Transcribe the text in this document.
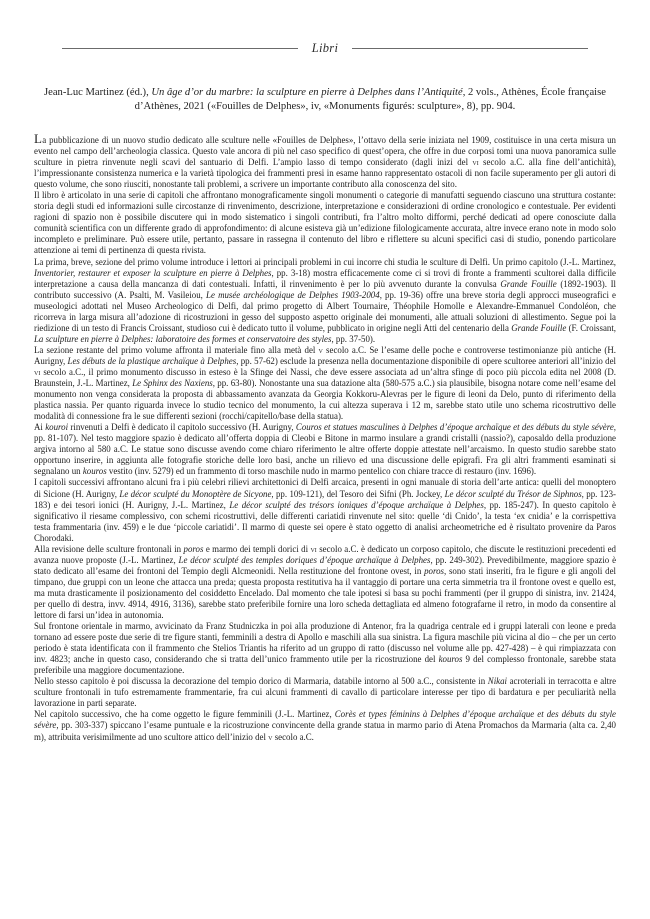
Libri
Jean-Luc Martinez (éd.), Un âge d’or du marbre: la sculpture en pierre à Delphes dans l’Antiquité, 2 vols., Athènes, École française d’Athènes, 2021 («Fouilles de Delphes», iv, «Monuments figurés: sculpture», 8), pp. 904.

La pubblicazione di un nuovo studio dedicato alle sculture nelle «Fouilles de Delphes», l’ottavo della serie iniziata nel 1909, costituisce in una certa misura un evento nel campo dell’archeologia classica. Questo vale ancora di più nel caso specifico di quest’opera, che offre in due corposi tomi una nuova panoramica sulle sculture in pietra rinvenute negli scavi del santuario di Delfi. L’ampio lasso di tempo considerato (dagli inizi del vi secolo a.C. alla fine dell’antichità), l’impressionante consistenza numerica e la varietà tipologica dei frammenti presi in esame hanno rappresentato ostacoli di non facile superamento per gli autori di questo volume, che sono riusciti, nonostante tali problemi, a scrivere un importante contributo alla conoscenza del sito.

Il libro è articolato in una serie di capitoli che affrontano monograficamente singoli monumenti o categorie di manufatti seguendo ciascuno una struttura costante: storia degli studi ed informazioni sulle circostanze di rinvenimento, descrizione, interpretazione e considerazioni di ordine cronologico e contestuale. Per evidenti ragioni di spazio non è possibile discutere qui in modo sistematico i singoli contributi, fra l’altro molto difformi, perché dedicati ad opere conosciute dalla comunità scientifica con un differente grado di approfondimento: di alcune esisteva già un’edizione filologicamente accurata, altre invece erano note in modo solo incompleto e preliminare. Può essere utile, pertanto, passare in rassegna il contenuto del libro e riflettere su alcuni specifici casi di studio, ponendo particolare attenzione ai temi di pertinenza di questa rivista.

La prima, breve, sezione del primo volume introduce i lettori ai principali problemi in cui incorre chi studia le sculture di Delfi. Un primo capitolo (J.-L. Martinez, Inventorier, restaurer et exposer la sculpture en pierre à Delphes, pp. 3-18) mostra efficacemente come ci si trovi di fronte a frammenti scultorei dalla difficile interpretazione a causa della mancanza di dati contestuali. Infatti, il rinvenimento è per lo più avvenuto durante la convulsa Grande Fouille (1892-1903). Il contributo successivo (A. Psalti, M. Vasileiou, Le musée archéologique de Delphes 1903-2004, pp. 19-36) offre una breve storia degli approcci museografici e museologici adottati nel Museo Archeologico di Delfi, dal primo progetto di Albert Tournaire, Théophile Homolle e Alexandre-Emmanuel Condoléon, che ricorreva in larga misura all’adozione di ricostruzioni in gesso del supposto aspetto originale dei monumenti, alle attuali soluzioni di allestimento. Segue poi la riedizione di un testo di Francis Croissant, studioso cui è dedicato tutto il volume, pubblicato in origine negli Atti del centenario della Grande Fouille (F. Croissant, La sculpture en pierre à Delphes: laboratoire des formes et conservatoire des styles, pp. 37-50).

La sezione restante del primo volume affronta il materiale fino alla metà del v secolo a.C. Se l’esame delle poche e controverse testimonianze più antiche (H. Aurigny, Les débuts de la plastique archaïque à Delphes, pp. 57-62) esclude la presenza nella documentazione disponibile di opere scultoree anteriori all’inizio del vi secolo a.C., il primo monumento discusso in esteso è la Sfinge dei Nassi, che deve essere associata ad un’altra sfinge di poco più piccola edita nel 2008 (D. Braunstein, J.-L. Martinez, Le Sphinx des Naxiens, pp. 63-80). Nonostante una sua datazione alta (580-575 a.C.) sia plausibile, bisogna notare come nell’esame del monumento non venga considerata la proposta di abbassamento avanzata da Georgia Kokkoru-Alevras per le figure di leoni da Delo, punto di riferimento della plastica nassia. Per quanto riguarda invece lo studio tecnico del monumento, la cui altezza superava i 12 m, sarebbe stato utile uno schema ricostruttivo delle modalità di connessione fra le sue differenti sezioni (rocchi/capitello/base della statua).

Ai kouroi rinvenuti a Delfi è dedicato il capitolo successivo (H. Aurigny, Couros et statues masculines à Delphes d’époque archaïque et des débuts du style sévère, pp. 81-107). Nel testo maggiore spazio è dedicato all’offerta doppia di Cleobi e Bitone in marmo insulare a grandi cristalli (nassio?), caposaldo della produzione argiva intorno al 580 a.C. Le statue sono discusse avendo come chiaro riferimento le altre offerte doppie attestate nell’arcaismo. In questo studio sarebbe stato opportuno inserire, in aggiunta alle fotografie storiche delle loro basi, anche un rilievo ed una discussione delle epigrafi. Fra gli altri frammenti esaminati si segnalano un kouros vestito (inv. 5279) ed un frammento di torso maschile nudo in marmo pentelico con chiare tracce di restauro (inv. 1696).

I capitoli successivi affrontano alcuni fra i più celebri rilievi architettonici di Delfi arcaica, presenti in ogni manuale di storia dell’arte antica: quelli del monoptero di Sicione (H. Aurigny, Le décor sculpté du Monoptère de Sicyone, pp. 109-121), del Tesoro dei Sifni (Ph. Jockey, Le décor sculpté du Trésor de Siphnos, pp. 123-183) e dei tesori ionici (H. Aurigny, J.-L. Martinez, Le décor sculpté des trésors ioniques d’époque archaïque à Delphes, pp. 185-247). In questo capitolo è significativo il riesame complessivo, con schemi ricostruttivi, delle differenti cariatidi rinvenute nel sito: quelle ‘di Cnido’, la testa ‘ex cnidia’ e la corrispettiva testa frammentaria (inv. 459) e le due ‘piccole cariatidi’. Il marmo di queste sei opere è stato oggetto di analisi archeometriche ed è risultato provenire da Paros Chorodaki.

Alla revisione delle sculture frontonali in poros e marmo dei templi dorici di vi secolo a.C. è dedicato un corposo capitolo, che discute le restituzioni precedenti ed avanza nuove proposte (J.-L. Martinez, Le décor sculpté des temples doriques d’époque archaïque à Delphes, pp. 249-302). Prevedibilmente, maggiore spazio è stato dedicato all’esame dei frontoni del Tempio degli Alcmeonidi. Nella restituzione del frontone ovest, in poros, sono stati inseriti, fra le figure e gli angoli del timpano, due gruppi con un leone che attacca una preda; questa proposta restitutiva ha il vantaggio di portare una certa simmetria tra il frontone ovest e quello est, ma muta drasticamente il posizionamento del cosiddetto Encelado. Dal momento che tale ipotesi si basa su pochi frammenti (per il gruppo di sinistra, inv. 21424, per quello di destra, invv. 4914, 4916, 3136), sarebbe stato preferibile fornire una loro scheda dettagliata ed almeno fotografarne il retro, in modo da consentire al lettore di farsi un’idea in autonomia.

Sul frontone orientale in marmo, avvicinato da Franz Studniczka in poi alla produzione di Antenor, fra la quadriga centrale ed i gruppi laterali con leone e preda tornano ad essere poste due serie di tre figure stanti, femminili a destra di Apollo e maschili alla sua sinistra. La figura maschile più vicina al dio – che per un certo periodo è stata identificata con il frammento che Stelios Triantis ha riferito ad un gruppo di ratto (discusso nel volume alle pp. 427-428) – è qui rimpiazzata con inv. 4823; anche in questo caso, considerando che si tratta dell’unico frammento utile per la ricostruzione del kouros 9 del complesso frontonale, sarebbe stata preferibile una maggiore documentazione.

Nello stesso capitolo è poi discussa la decorazione del tempio dorico di Marmaria, databile intorno al 500 a.C., consistente in Nikai acroteriali in terracotta e altre sculture frontonali in tufo estremamente frammentarie, fra cui alcuni frammenti di cavallo di particolare interesse per tipo di bardatura e per peculiarità nella lavorazione in parti separate.

Nel capitolo successivo, che ha come oggetto le figure femminili (J.-L. Martinez, Corès et types féminins à Delphes d’époque archaïque et des débuts du style sévère, pp. 303-337) spiccano l’esame puntuale e la ricostruzione convincente della grande statua in marmo pario di Atena Promachos da Marmaria (alta ca. 2,40 m), attribuita verisimilmente ad uno scultore attico dell’inizio del v secolo a.C.
